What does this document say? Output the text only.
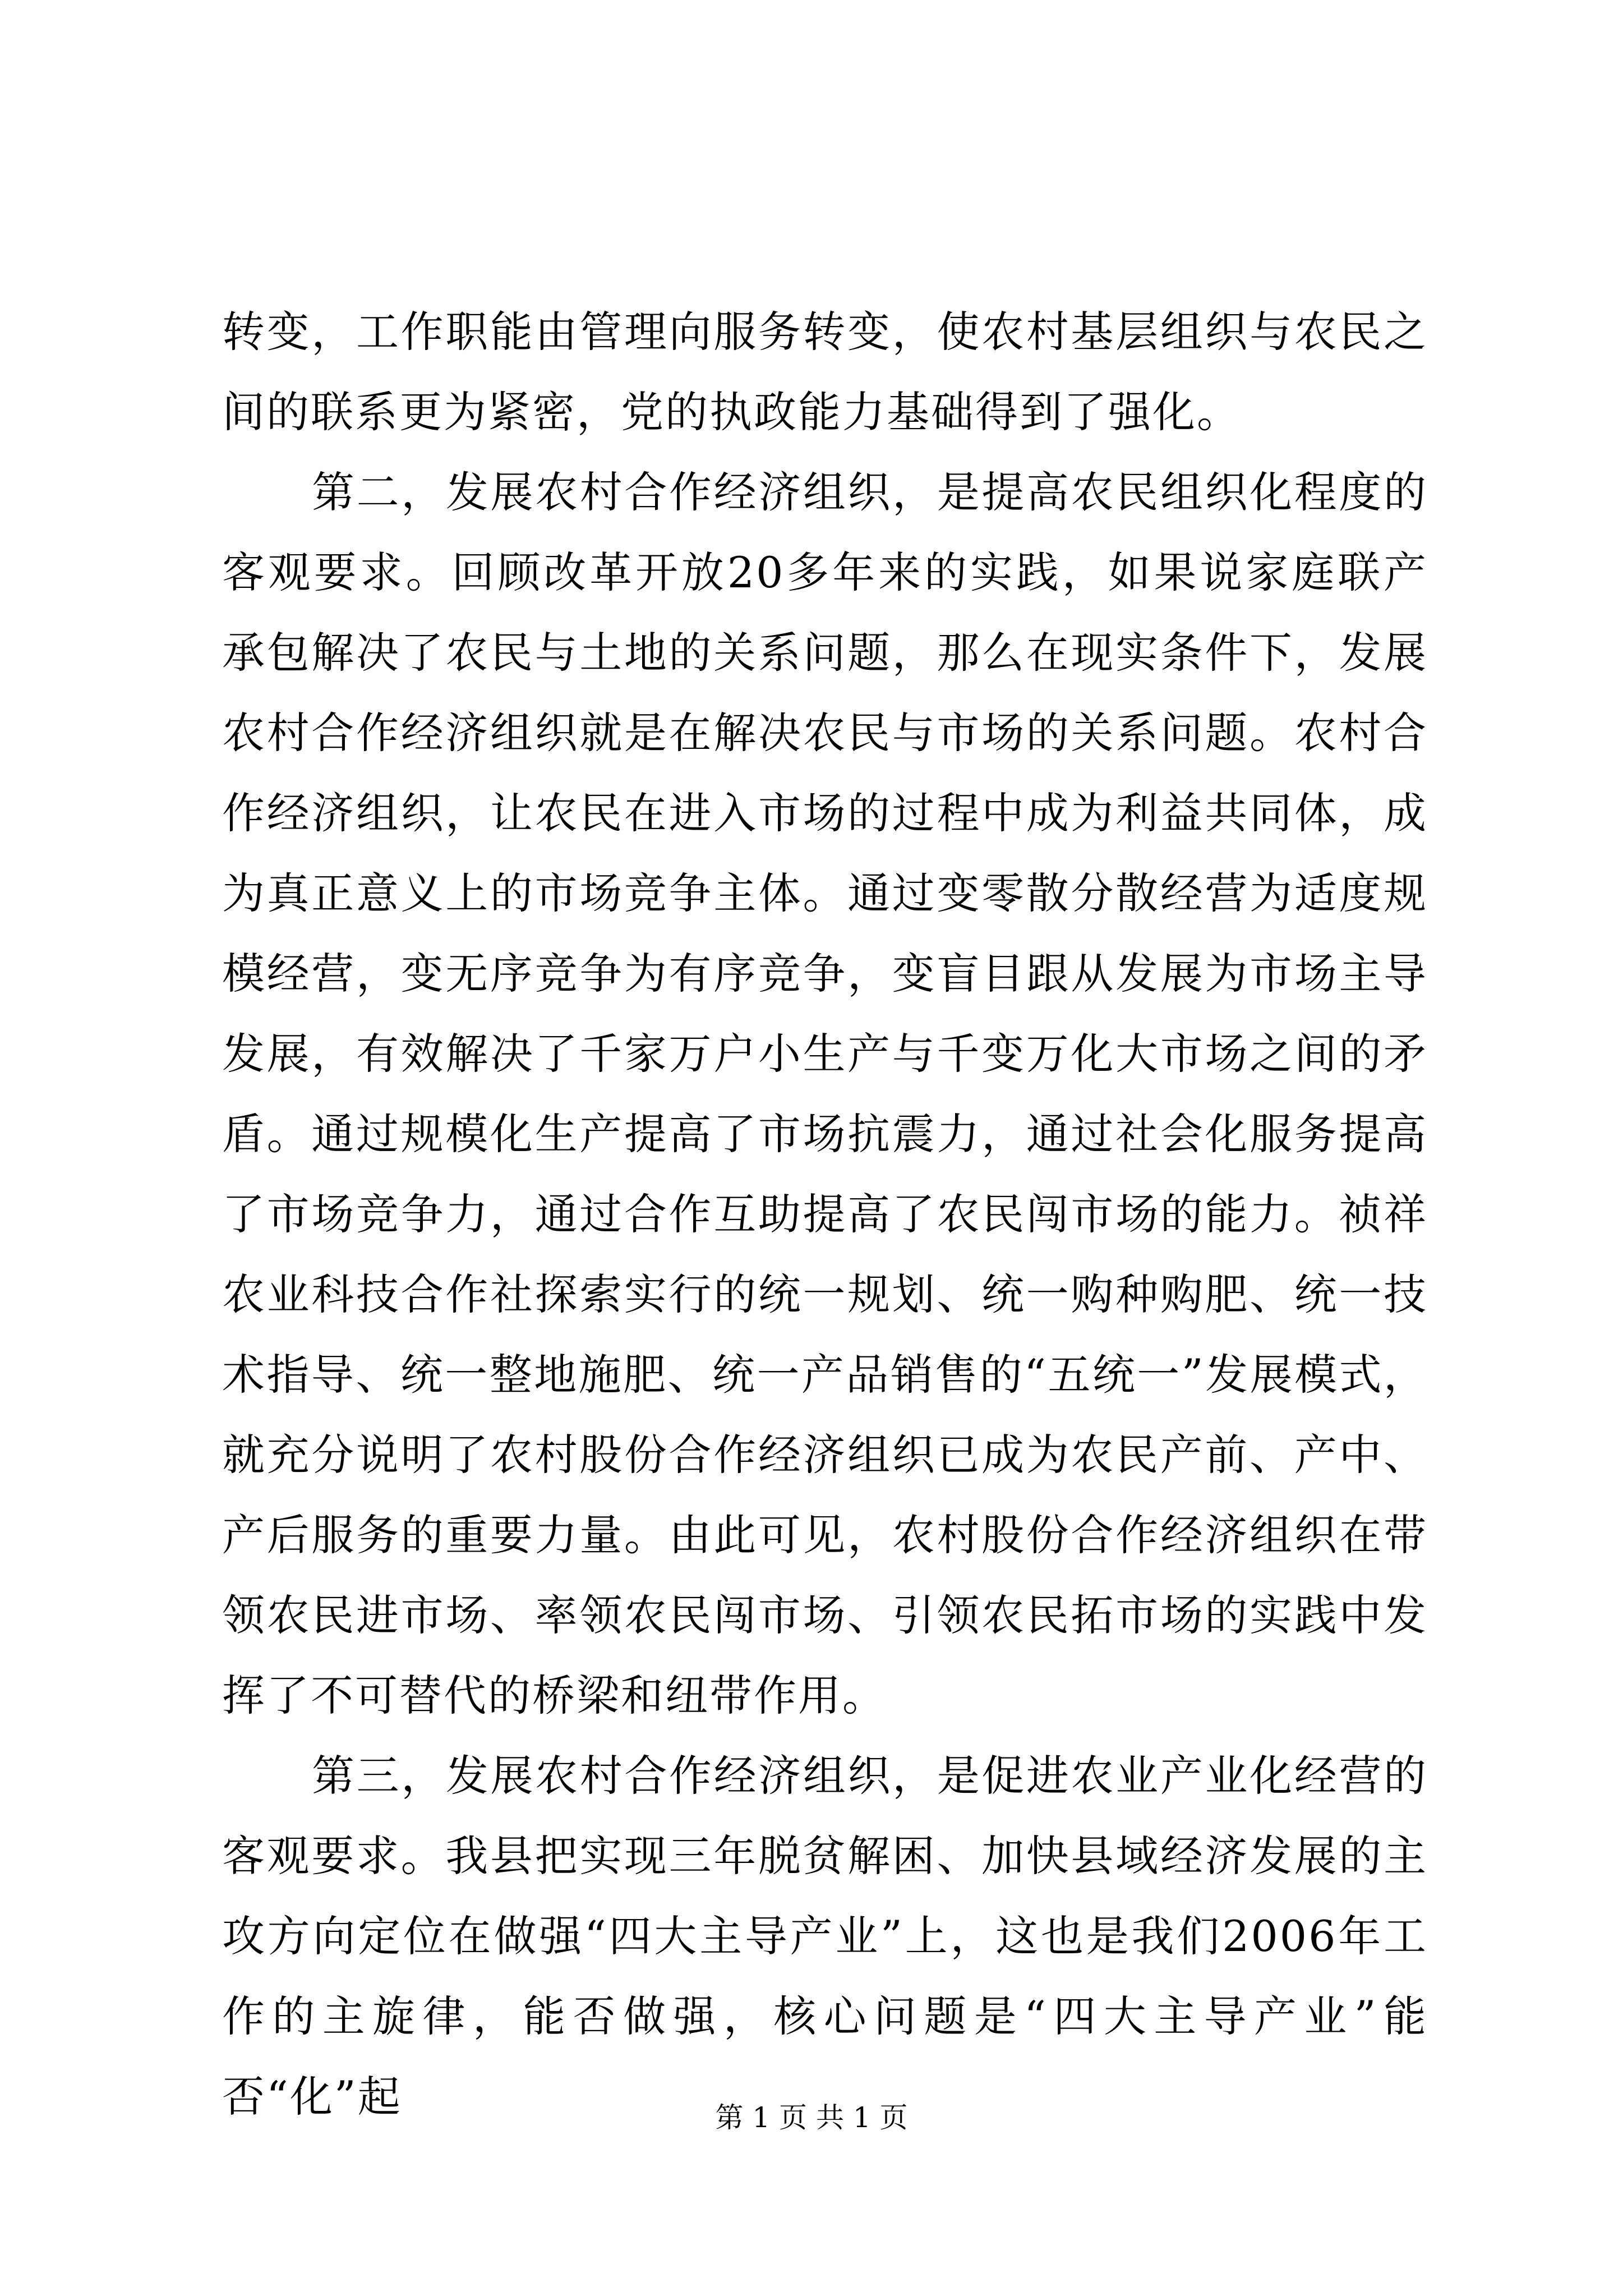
转变，工作职能由管理向服务转变，使农村基层组织与农民之间的联系更为紧密，党的执政能力基础得到了强化。

第二，发展农村合作经济组织，是提高农民组织化程度的客观要求。回顾改革开放20多年来的实践，如果说家庭联产承包解决了农民与土地的关系问题，那么在现实条件下，发展农村合作经济组织就是在解决农民与市场的关系问题。农村合作经济组织，让农民在进入市场的过程中成为利益共同体，成为真正意义上的市场竞争主体。通过变零散分散经营为适度规模经营，变无序竞争为有序竞争，变盲目跟从发展为市场主导发展，有效解决了千家万户小生产与千变万化大市场之间的矛盾。通过规模化生产提高了市场抗震力，通过社会化服务提高了市场竞争力，通过合作互助提高了农民闯市场的能力。祯祥农业科技合作社探索实行的统一规划、统一购种购肥、统一技术指导、统一整地施肥、统一产品销售的“五统一”发展模式，就充分说明了农村股份合作经济组织已成为农民产前、产中、产后服务的重要力量。由此可见，农村股份合作经济组织在带领农民进市场、率领农民闯市场、引领农民拓市场的实践中发挥了不可替代的桥梁和纽带作用。

第三，发展农村合作经济组织，是促进农业产业化经营的客观要求。我县把实现三年脱贫解困、加快县域经济发展的主攻方向定位在做强“四大主导产业”上，这也是我们2006年工作的主旋律，能否做强，核心问题是“四大主导产业”能否“化”起	第 1 页 共 1 页
